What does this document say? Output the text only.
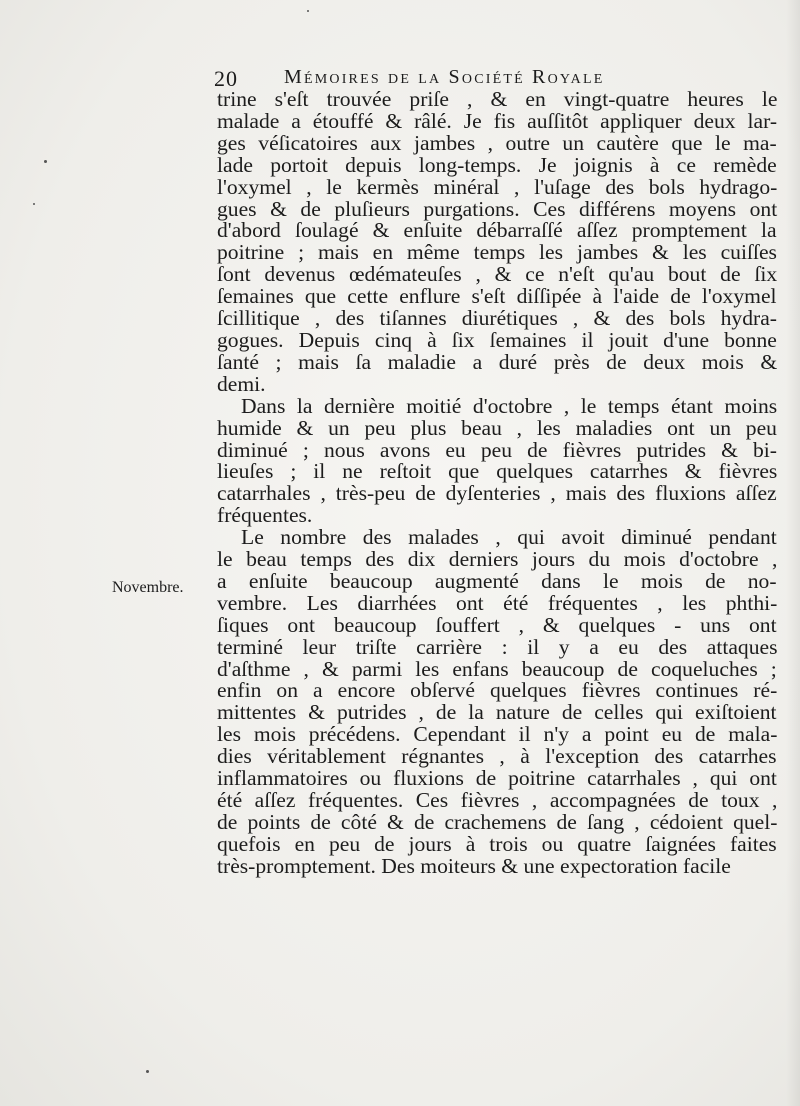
20 Mémoires de la Société Royale
Novembre.
trine s'eſt trouvée priſe , & en vingt-quatre heures le
malade a étouffé & râlé. Je fis auſſitôt appliquer deux lar-
ges véſicatoires aux jambes , outre un cautère que le ma-
lade portoit depuis long-temps. Je joignis à ce remède
l'oxymel , le kermès minéral , l'uſage des bols hydrago-
gues & de pluſieurs purgations. Ces différens moyens ont
d'abord ſoulagé & enſuite débarraſſé aſſez promptement la
poitrine ; mais en même temps les jambes & les cuiſſes
ſont devenus œdémateuſes , & ce n'eſt qu'au bout de ſix
ſemaines que cette enflure s'eſt diſſipée à l'aide de l'oxymel
ſcillitique , des tiſannes diurétiques , & des bols hydra-
gogues. Depuis cinq à ſix ſemaines il jouit d'une bonne
ſanté ; mais ſa maladie a duré près de deux mois &
demi.
Dans la dernière moitié d'octobre , le temps étant moins
humide & un peu plus beau , les maladies ont un peu
diminué ; nous avons eu peu de fièvres putrides & bi-
lieuſes ; il ne reſtoit que quelques catarrhes & fièvres
catarrhales , très-peu de dyſenteries , mais des fluxions aſſez
fréquentes.
Le nombre des malades , qui avoit diminué pendant
le beau temps des dix derniers jours du mois d'octobre ,
a enſuite beaucoup augmenté dans le mois de no-
vembre. Les diarrhées ont été fréquentes , les phthi-
ſiques ont beaucoup ſouffert , & quelques - uns ont
terminé leur triſte carrière : il y a eu des attaques
d'aſthme , & parmi les enfans beaucoup de coqueluches ;
enfin on a encore obſervé quelques fièvres continues ré-
mittentes & putrides , de la nature de celles qui exiſtoient
les mois précédens. Cependant il n'y a point eu de mala-
dies véritablement régnantes , à l'exception des catarrhes
inflammatoires ou fluxions de poitrine catarrhales , qui ont
été aſſez fréquentes. Ces fièvres , accompagnées de toux ,
de points de côté & de crachemens de ſang , cédoient quel-
quefois en peu de jours à trois ou quatre ſaignées faites
très-promptement. Des moiteurs & une expectoration facile
